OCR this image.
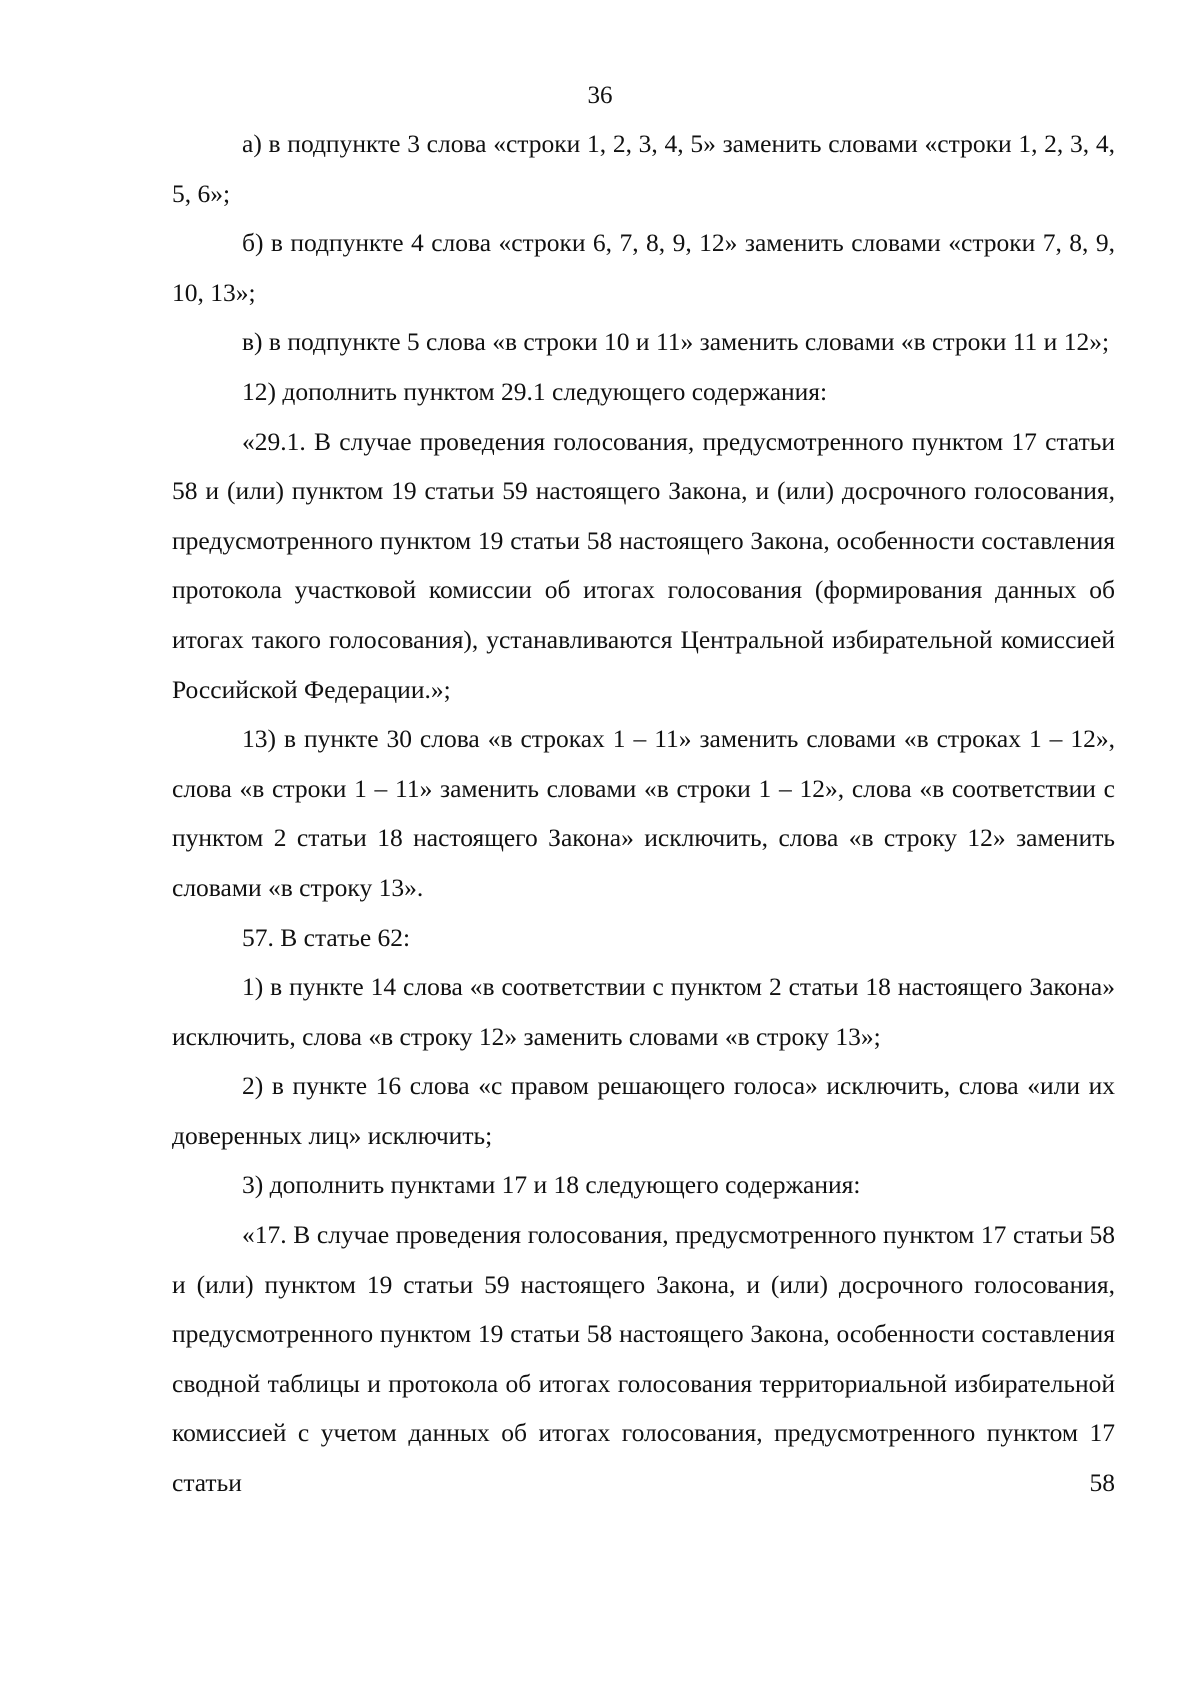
36

а) в подпункте 3 слова «строки 1, 2, 3, 4, 5» заменить словами «строки 1, 2, 3, 4, 5, 6»;

б) в подпункте 4 слова «строки 6, 7, 8, 9, 12» заменить словами «строки 7, 8, 9, 10, 13»;

в) в подпункте 5 слова «в строки 10 и 11» заменить словами «в строки 11 и 12»;

12) дополнить пунктом 29.1 следующего содержания:

«29.1. В случае проведения голосования, предусмотренного пунктом 17 статьи 58 и (или) пунктом 19 статьи 59 настоящего Закона, и (или) досрочного голосования, предусмотренного пунктом 19 статьи 58 настоящего Закона, особенности составления протокола участковой комиссии об итогах голосования (формирования данных об итогах такого голосования), устанавливаются Центральной избирательной комиссией Российской Федерации.»;

13) в пункте 30 слова «в строках 1 – 11» заменить словами «в строках 1 – 12», слова «в строки 1 – 11» заменить словами «в строки 1 – 12», слова «в соответствии с пунктом 2 статьи 18 настоящего Закона» исключить, слова «в строку 12» заменить словами «в строку 13».

57. В статье 62:

1) в пункте 14 слова «в соответствии с пунктом 2 статьи 18 настоящего Закона» исключить, слова «в строку 12» заменить словами «в строку 13»;

2) в пункте 16 слова «с правом решающего голоса» исключить, слова «или их доверенных лиц» исключить;

3) дополнить пунктами 17 и 18 следующего содержания:

«17. В случае проведения голосования, предусмотренного пунктом 17 статьи 58 и (или) пунктом 19 статьи 59 настоящего Закона, и (или) досрочного голосования, предусмотренного пунктом 19 статьи 58 настоящего Закона, особенности составления сводной таблицы и протокола об итогах голосования территориальной избирательной комиссией с учетом данных об итогах голосования, предусмотренного пунктом 17 статьи 58
